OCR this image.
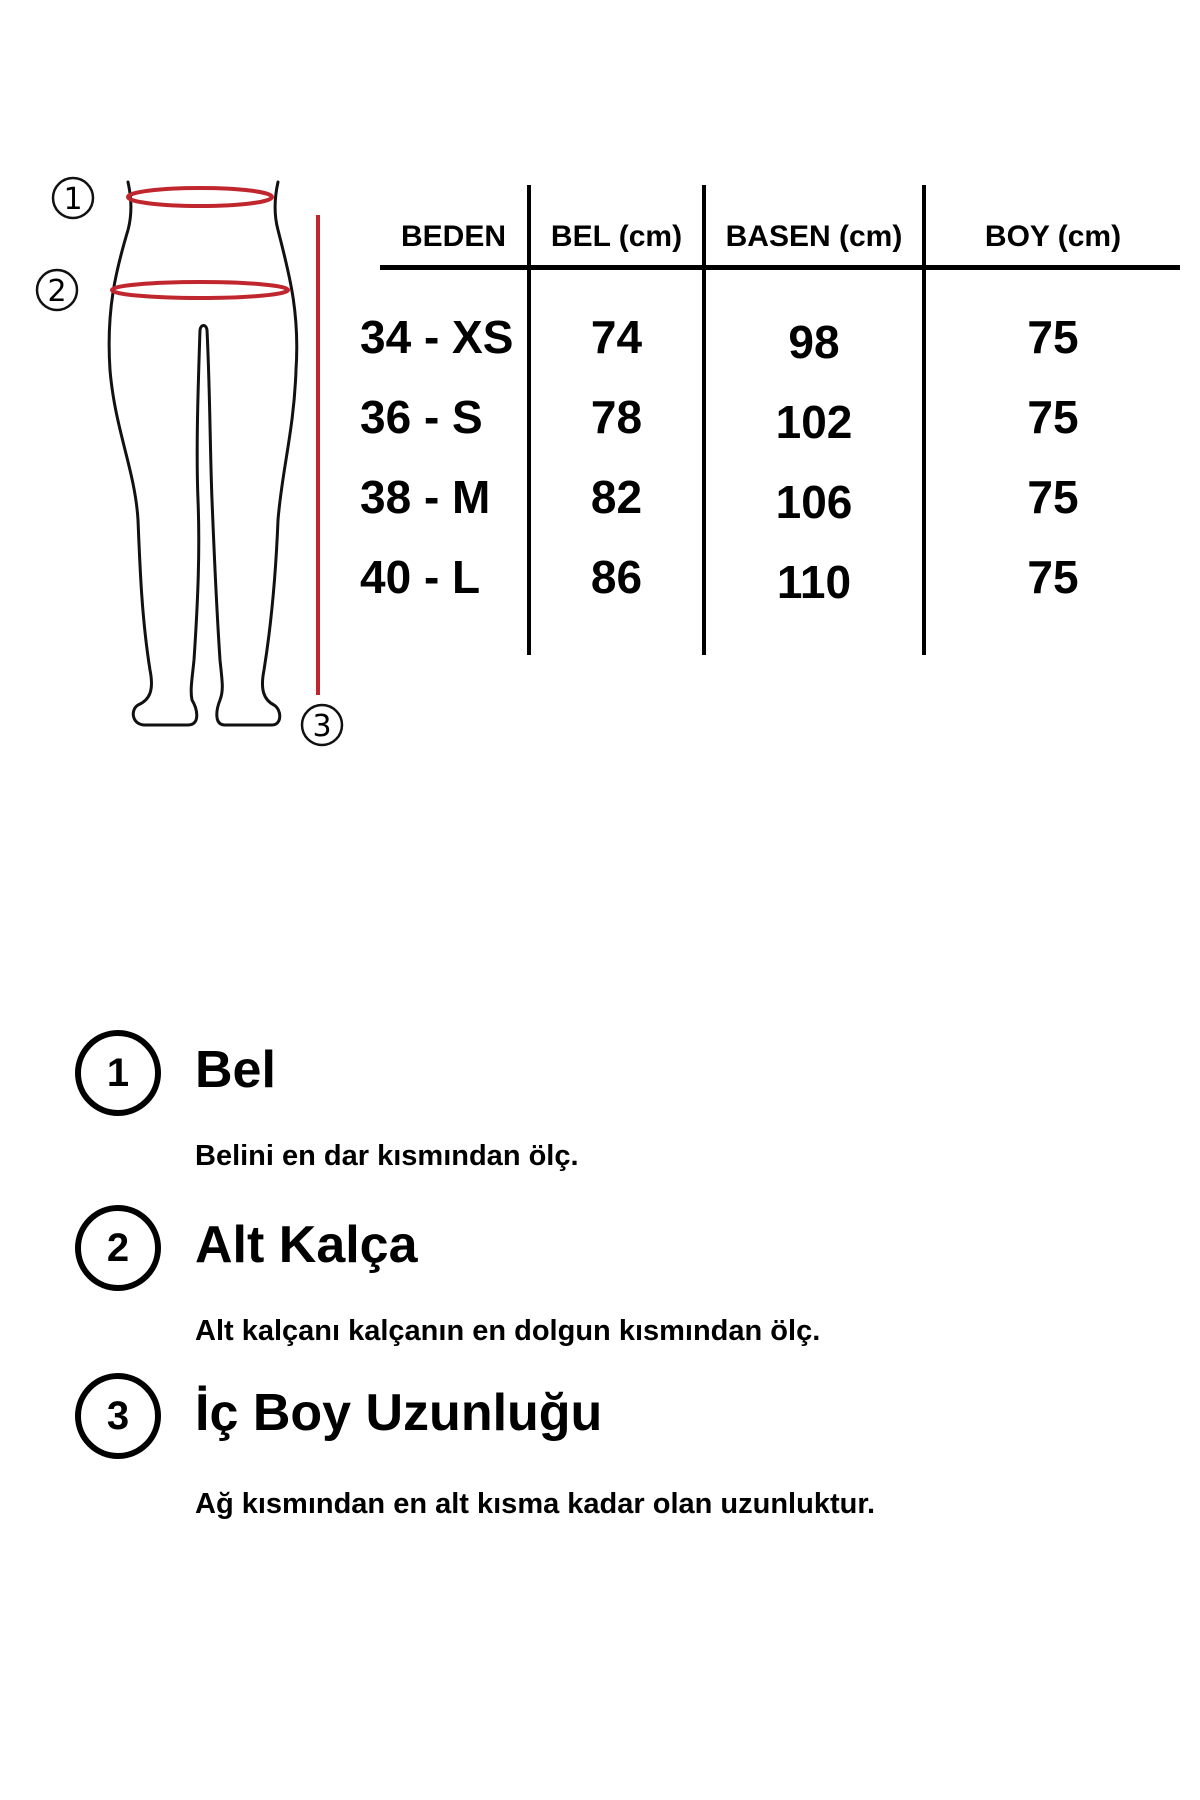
1
2
3
BEDEN	BEL (cm)	BASEN (cm)	BOY (cm)
34 - XS	74	98	75
36 - S	78	102	75
38 - M	82	106	75
40 - L	86	110	75
1	Bel
Belini en dar kısmından ölç.
2	Alt Kalça
Alt kalçanı kalçanın en dolgun kısmından ölç.
3	İç Boy Uzunluğu
Ağ kısmından en alt kısma kadar olan uzunluktur.
